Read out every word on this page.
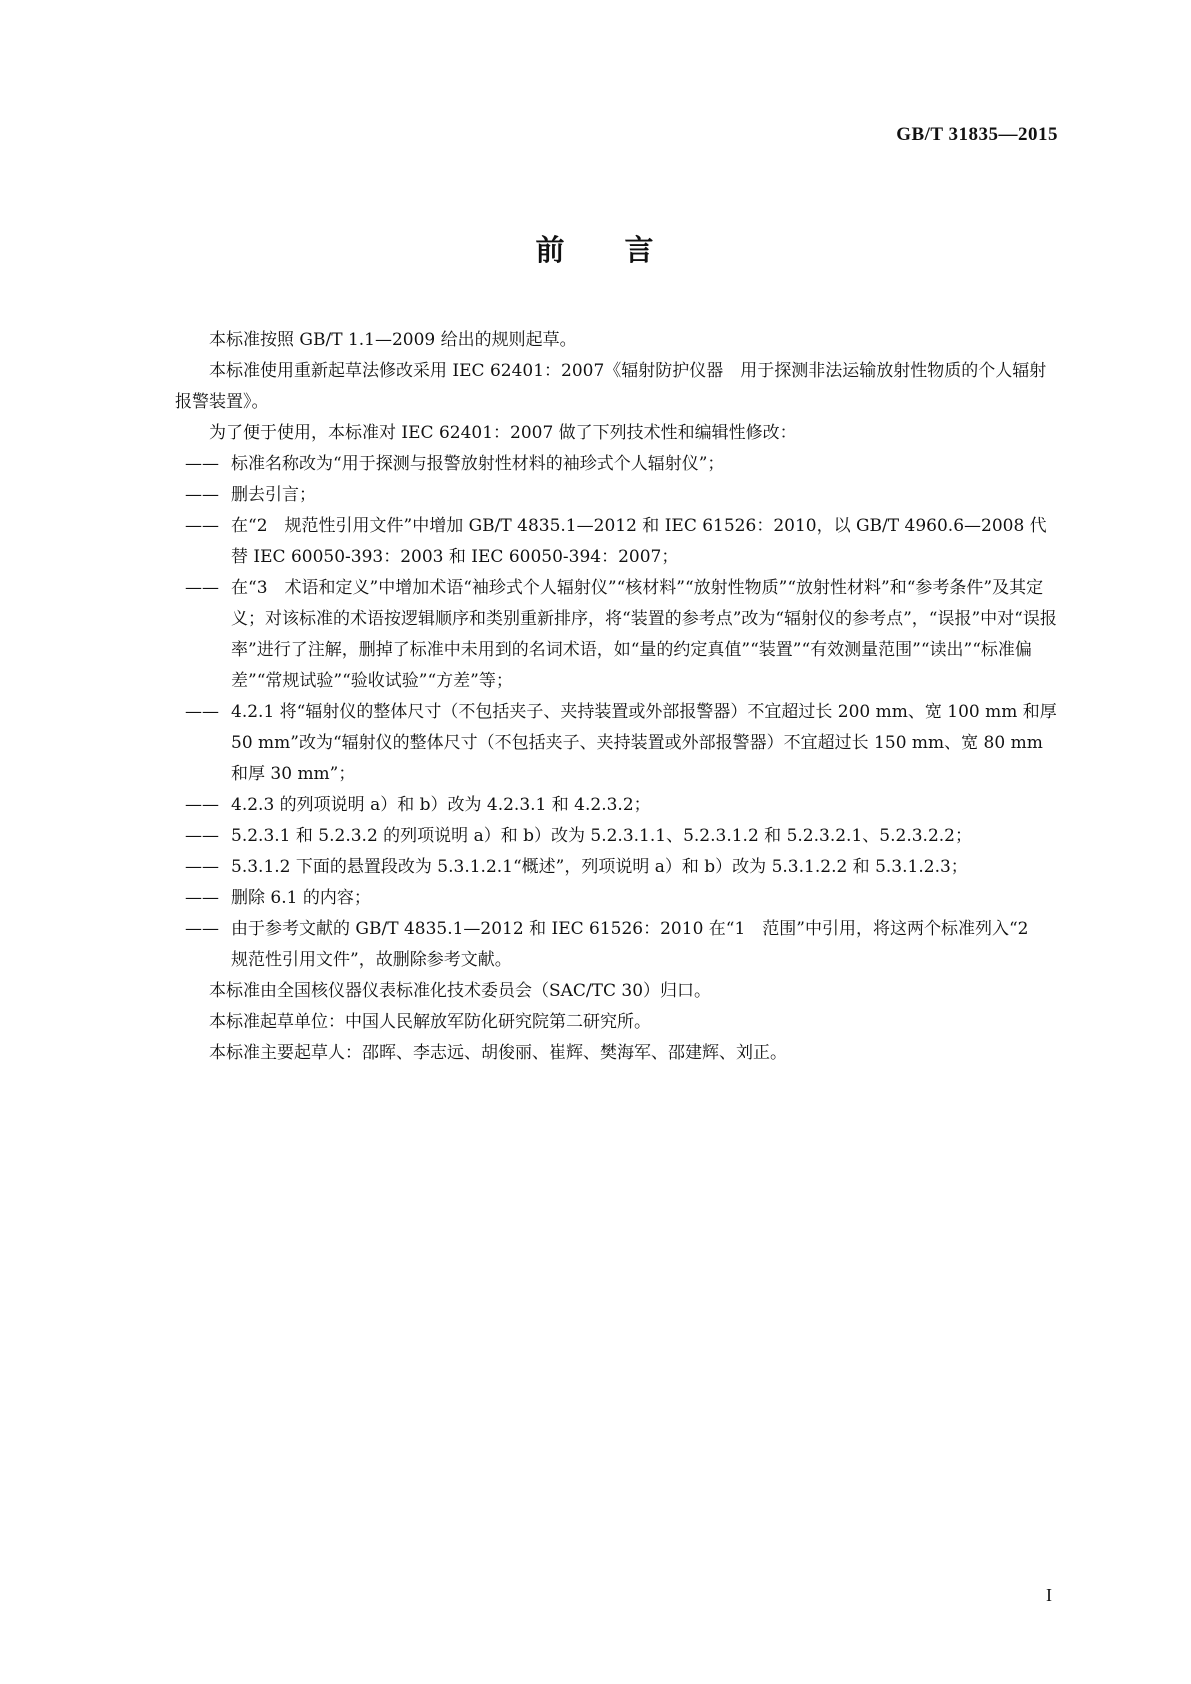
GB/T 31835—2015
前 言

本标准按照 GB/T 1.1—2009 给出的规则起草。

本标准使用重新起草法修改采用 IEC 62401：2007《辐射防护仪器　用于探测非法运输放射性物质的个人辐射报警装置》。

为了便于使用，本标准对 IEC 62401：2007 做了下列技术性和编辑性修改：

—— 标准名称改为“用于探测与报警放射性材料的袖珍式个人辐射仪”；
—— 删去引言；
—— 在“2　规范性引用文件”中增加 GB/T 4835.1—2012 和 IEC 61526：2010，以 GB/T 4960.6—2008 代替 IEC 60050-393：2003 和 IEC 60050-394：2007；
—— 在“3　术语和定义”中增加术语“袖珍式个人辐射仪”“核材料”“放射性物质”“放射性材料”和“参考条件”及其定义；对该标准的术语按逻辑顺序和类别重新排序，将“装置的参考点”改为“辐射仪的参考点”，“误报”中对“误报率”进行了注解，删掉了标准中未用到的名词术语，如“量的约定真值”“装置”“有效测量范围”“读出”“标准偏差”“常规试验”“验收试验”“方差”等；
—— 4.2.1 将“辐射仪的整体尺寸（不包括夹子、夹持装置或外部报警器）不宜超过长 200 mm、宽 100 mm 和厚 50 mm”改为“辐射仪的整体尺寸（不包括夹子、夹持装置或外部报警器）不宜超过长 150 mm、宽 80 mm 和厚 30 mm”；
—— 4.2.3 的列项说明 a）和 b）改为 4.2.3.1 和 4.2.3.2；
—— 5.2.3.1 和 5.2.3.2 的列项说明 a）和 b）改为 5.2.3.1.1、5.2.3.1.2 和 5.2.3.2.1、5.2.3.2.2；
—— 5.3.1.2 下面的悬置段改为 5.3.1.2.1“概述”，列项说明 a）和 b）改为 5.3.1.2.2 和 5.3.1.2.3；
—— 删除 6.1 的内容；
—— 由于参考文献的 GB/T 4835.1—2012 和 IEC 61526：2010 在“1　范围”中引用，将这两个标准列入“2　规范性引用文件”，故删除参考文献。

本标准由全国核仪器仪表标准化技术委员会（SAC/TC 30）归口。

本标准起草单位：中国人民解放军防化研究院第二研究所。

本标准主要起草人：邵晖、李志远、胡俊丽、崔辉、樊海军、邵建辉、刘正。

I
